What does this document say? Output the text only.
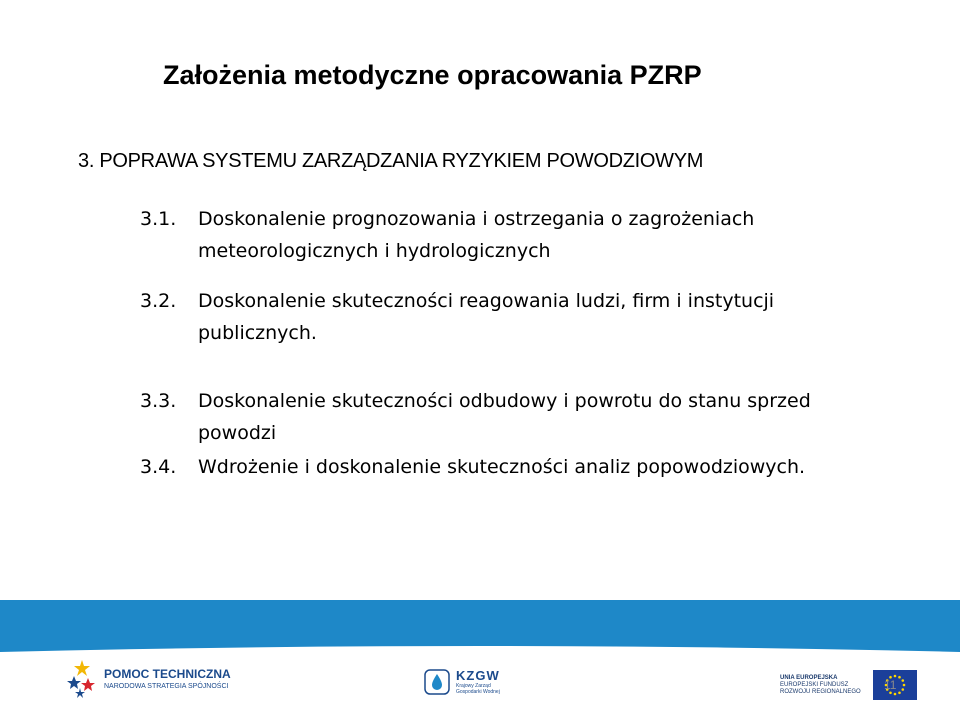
Założenia metodyczne opracowania PZRP
3. POPRAWA SYSTEMU ZARZĄDZANIA RYZYKIEM POWODZIOWYM
3.1.	Doskonalenie prognozowania i ostrzegania o zagrożeniach meteorologicznych i hydrologicznych
3.2.	Doskonalenie skuteczności reagowania ludzi, firm i instytucji publicznych.
3.3.	Doskonalenie skuteczności odbudowy i powrotu do stanu sprzed powodzi
3.4.	Wdrożenie i doskonalenie skuteczności analiz popowodziowych.
POMOC TECHNICZNA
NARODOWA STRATEGIA SPÓJNOŚCI
KZGW
Krajowy Zarząd Gospodarki Wodnej
UNIA EUROPEJSKA
EUROPEJSKI FUNDUSZ
ROZWOJU REGIONALNEGO 11
